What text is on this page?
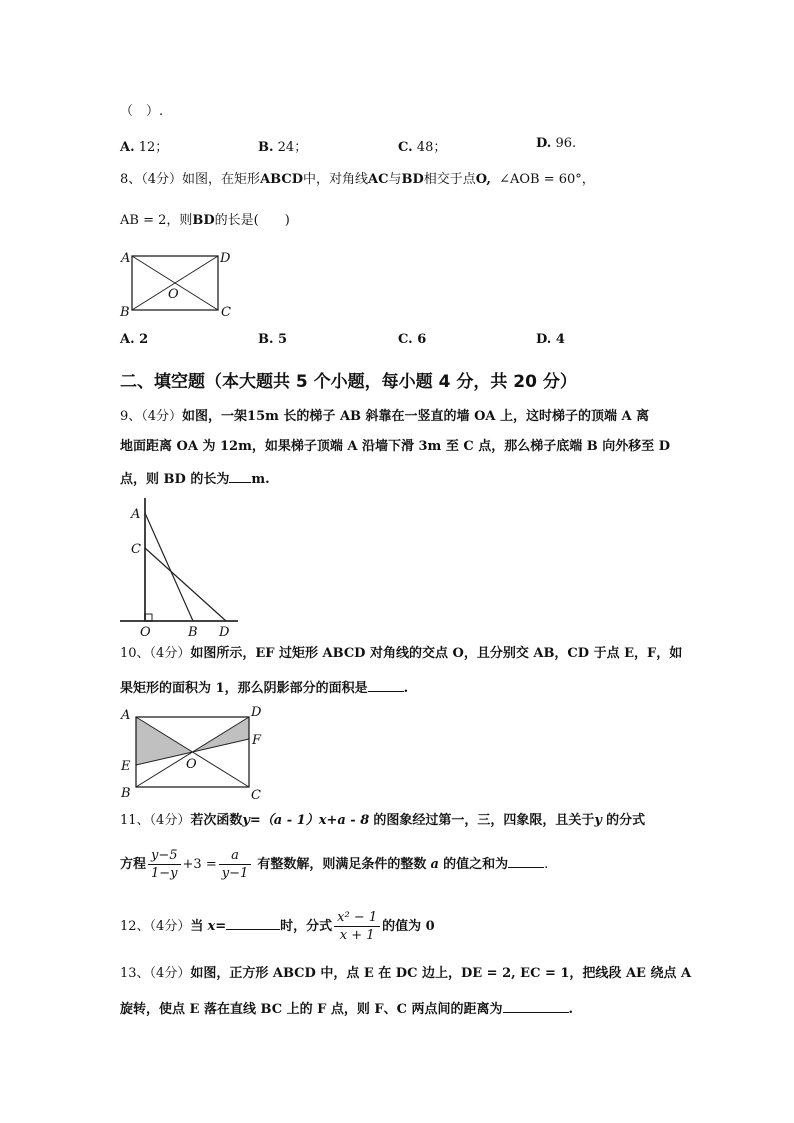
（　）.
A. 12；	B. 24；	C. 48；	D. 96.
8、（4分）如图，在矩形ABCD中，对角线AC与BD相交于点O, ∠AOB = 60°，
AB = 2，则BD的长是(　　)
A	D
B	C
O
A. 2	B. 5	C. 6	D. 4
二、填空题（本大题共 5 个小题，每小题 4 分，共 20 分）
9、（4分）如图，一架15m 长的梯子 AB 斜靠在一竖直的墙 OA 上，这时梯子的顶端 A 离
地面距离 OA 为 12m，如果梯子顶端 A 沿墙下滑 3m 至 C 点，那么梯子底端 B 向外移至 D
点，则 BD 的长为 m.
A
C
O	B D
10、（4分）如图所示，EF 过矩形 ABCD 对角线的交点 O，且分别交 AB，CD 于点 E，F，如
果矩形的面积为 1，那么阴影部分的面积是	.
A	D
F
E	O
B	C
11、（4分）若次函数y=（a - 1）x+a - 8 的图象经过第一，三，四象限，且关于y 的分式
方程 $\frac{y-5}{1-y} +3 = \frac{a}{y-1}$ 有整数解，则满足条件的整数 a 的值之和为	.
12、（4分）当 x=	时，分式 $\frac{\text{x² − 1}}{x + 1}$ 的值为 0
13、（4分）如图，正方形 ABCD 中，点 E 在 DC 边上，DE = 2, EC = 1，把线段 AE 绕点 A
旋转，使点 E 落在直线 BC 上的 F 点，则 F、C 两点间的距离为	.
